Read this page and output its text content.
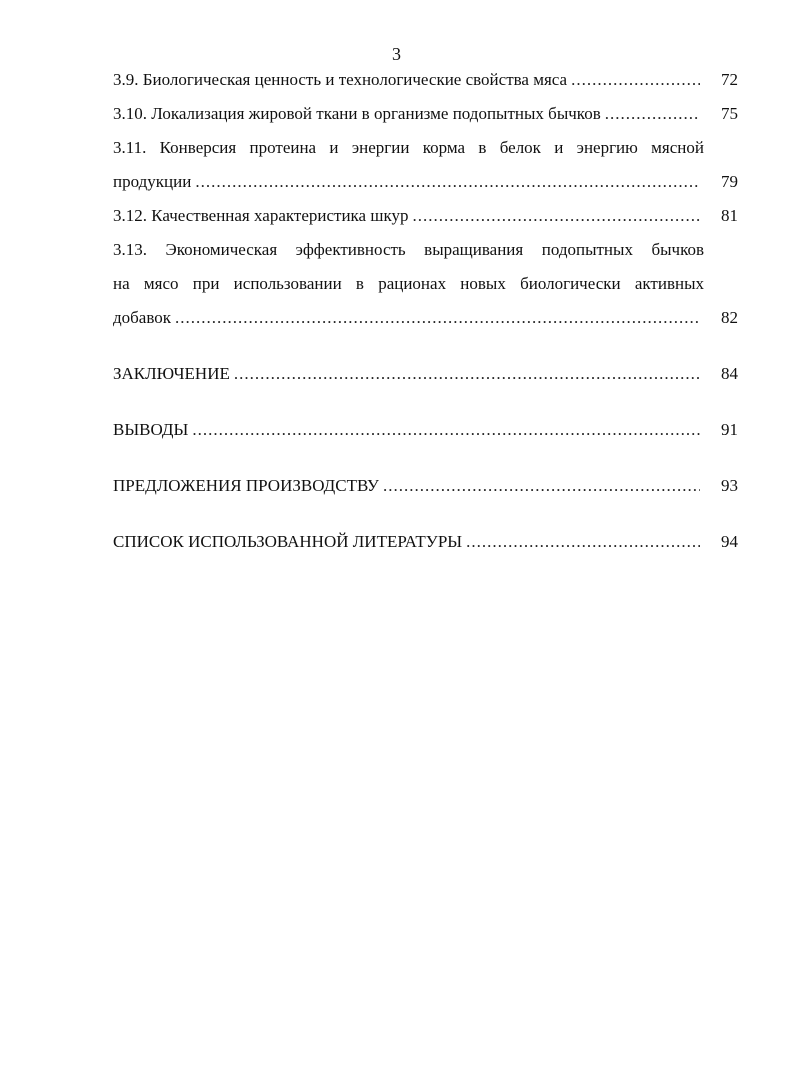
3
3.9. Биологическая ценность и технологические свойства мяса .....	72
3.10. Локализация жировой ткани в организме подопытных бычков .....	75
3.11. Конверсия протеина и энергии корма в белок и энергию мясной
продукции .....	79
3.12. Качественная характеристика шкур .....	81
3.13. Экономическая эффективность выращивания подопытных бычков
на мясо при использовании в рационах новых биологически активных
добавок .....	82
ЗАКЛЮЧЕНИЕ .....	84
ВЫВОДЫ .....	91
ПРЕДЛОЖЕНИЯ ПРОИЗВОДСТВУ .....	93
СПИСОК ИСПОЛЬЗОВАННОЙ ЛИТЕРАТУРЫ .....	94
